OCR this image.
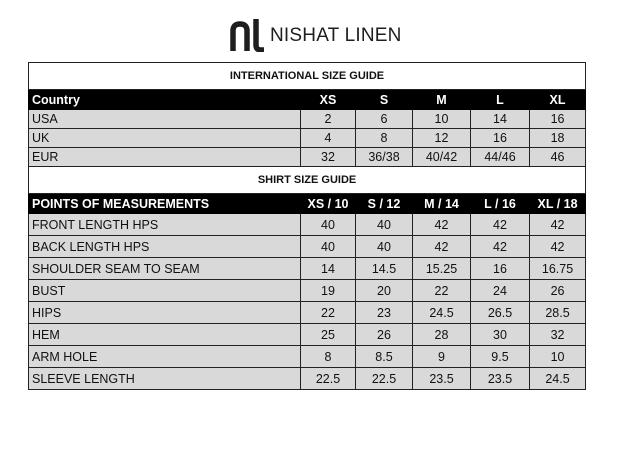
NISHAT LINEN
INTERNATIONAL SIZE GUIDE					
Country	XS	S	M	L	XL
USA	2	6	10	14	16
UK	4	8	12	16	18
EUR	32	36/38	40/42	44/46	46
SHIRT SIZE GUIDE					
POINTS OF MEASUREMENTS	XS / 10	S / 12	M / 14	L / 16	XL / 18
FRONT LENGTH HPS	40	40	42	42	42
BACK LENGTH HPS	40	40	42	42	42
SHOULDER SEAM TO SEAM	14	14.5	15.25	16	16.75
BUST	19	20	22	24	26
HIPS	22	23	24.5	26.5	28.5
HEM	25	26	28	30	32
ARM HOLE	8	8.5	9	9.5	10
SLEEVE LENGTH	22.5	22.5	23.5	23.5	24.5
